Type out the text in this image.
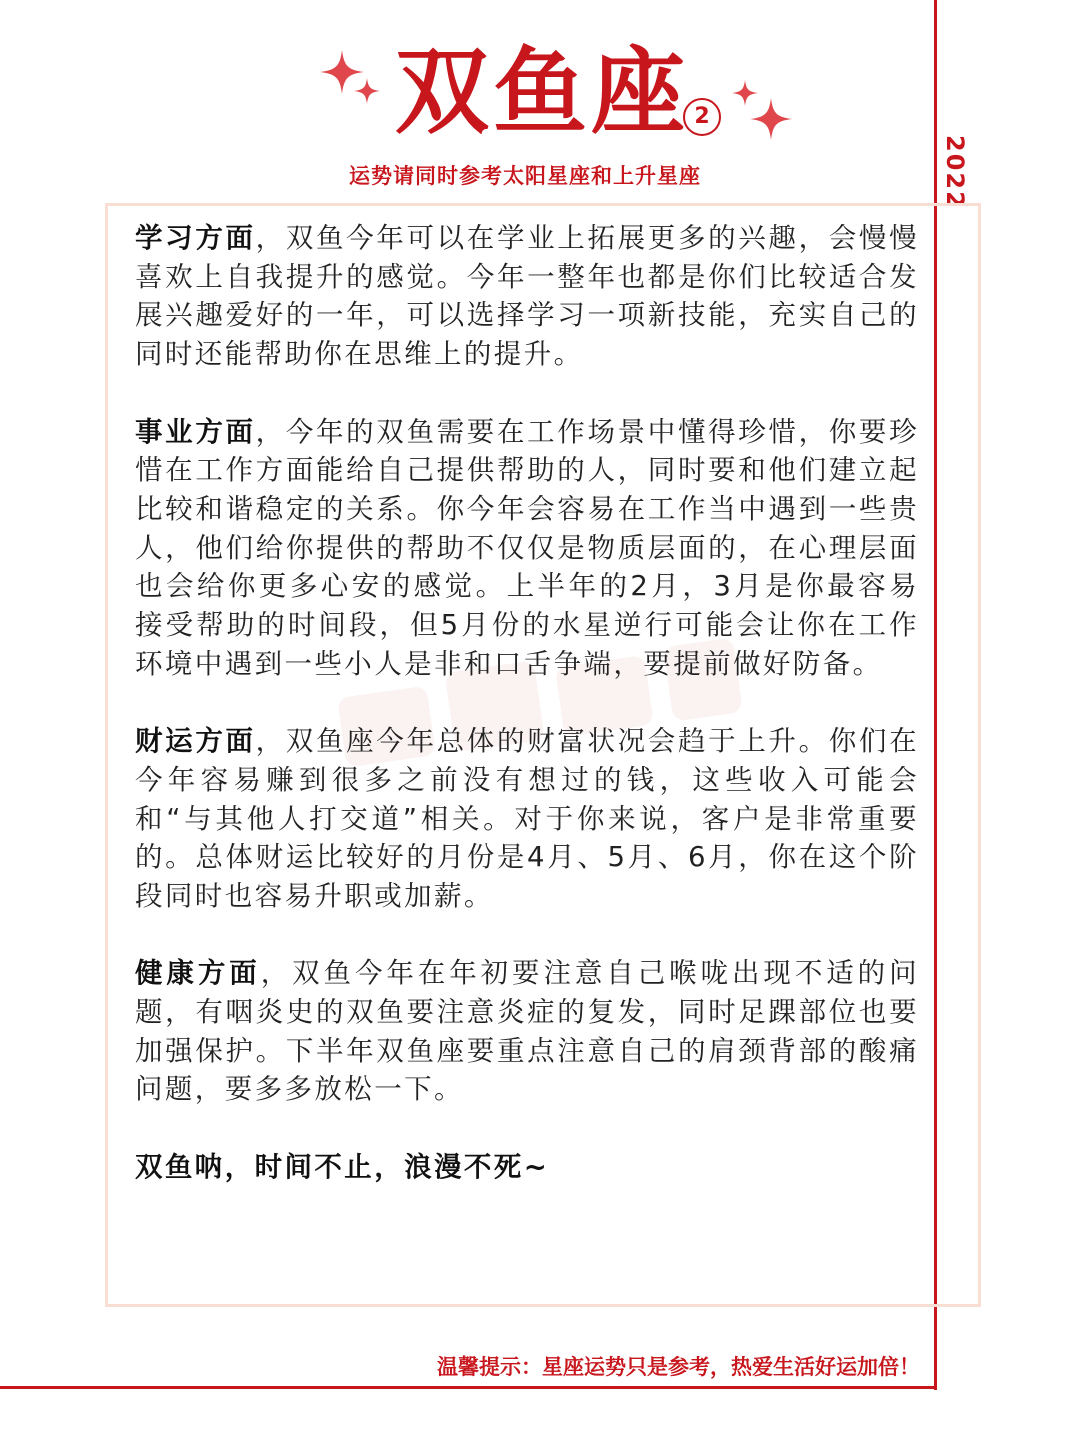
2022
双鱼座 2
运势请同时参考太阳星座和上升星座

学习方面，双鱼今年可以在学业上拓展更多的兴趣，会慢慢喜欢上自我提升的感觉。今年一整年也都是你们比较适合发展兴趣爱好的一年，可以选择学习一项新技能，充实自己的同时还能帮助你在思维上的提升。

事业方面，今年的双鱼需要在工作场景中懂得珍惜，你要珍惜在工作方面能给自己提供帮助的人，同时要和他们建立起比较和谐稳定的关系。你今年会容易在工作当中遇到一些贵人，他们给你提供的帮助不仅仅是物质层面的，在心理层面也会给你更多心安的感觉。上半年的2月，3月是你最容易接受帮助的时间段，但5月份的水星逆行可能会让你在工作环境中遇到一些小人是非和口舌争端，要提前做好防备。

财运方面，双鱼座今年总体的财富状况会趋于上升。你们在今年容易赚到很多之前没有想过的钱，这些收入可能会和“与其他人打交道”相关。对于你来说，客户是非常重要的。总体财运比较好的月份是4月、5月、6月，你在这个阶段同时也容易升职或加薪。

健康方面，双鱼今年在年初要注意自己喉咙出现不适的问题，有咽炎史的双鱼要注意炎症的复发，同时足踝部位也要加强保护。下半年双鱼座要重点注意自己的肩颈背部的酸痛问题，要多多放松一下。

双鱼呐，时间不止，浪漫不死~

温馨提示：星座运势只是参考，热爱生活好运加倍！
